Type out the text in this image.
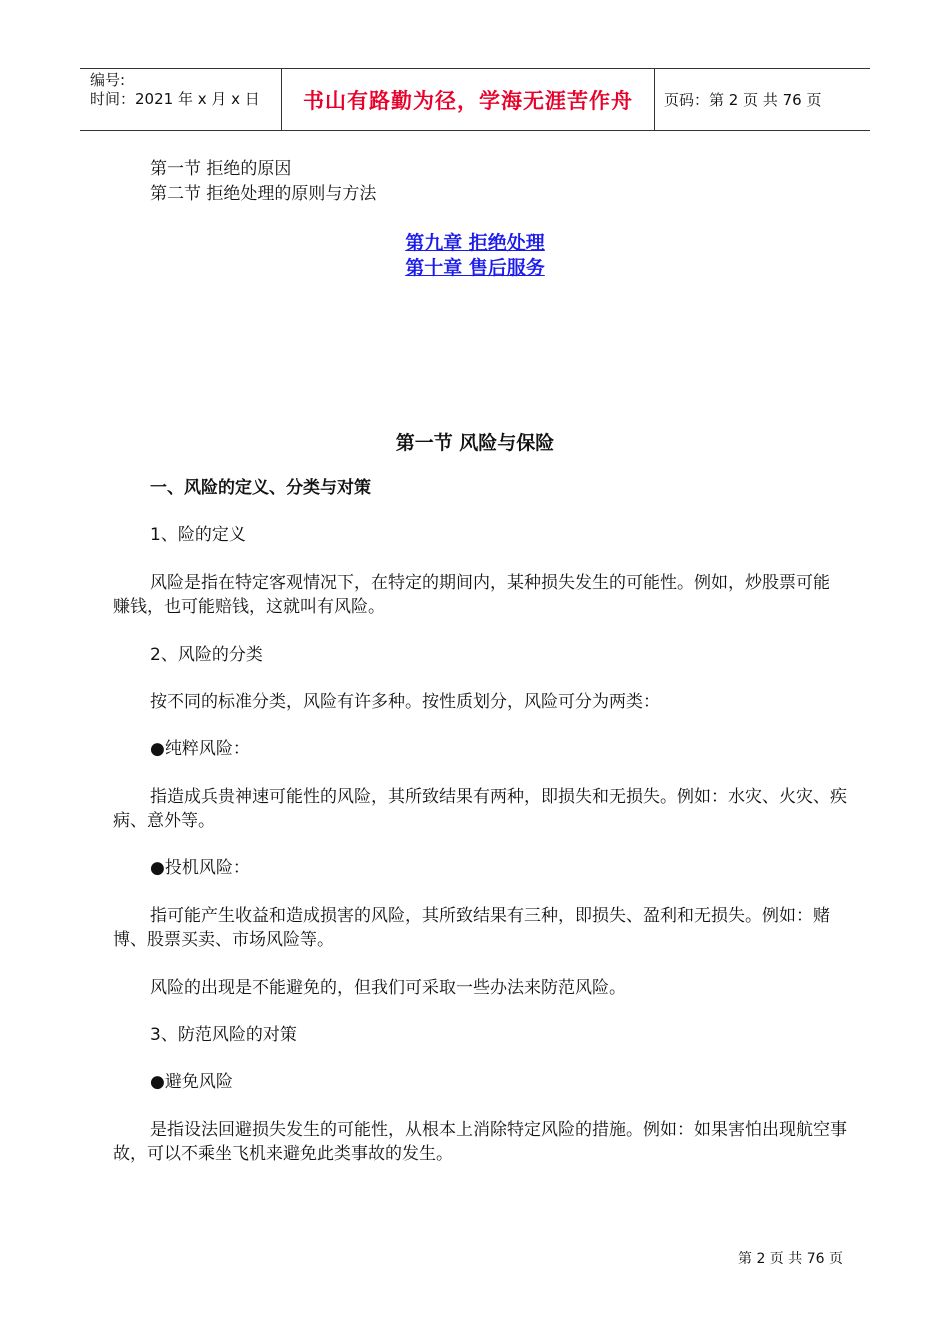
编号:
时间：2021 年 x 月 x 日	书山有路勤为径，学海无涯苦作舟	页码：第 2 页 共 76 页
第一节 拒绝的原因
第二节 拒绝处理的原则与方法
第九章 拒绝处理
第十章 售后服务
第一节 风险与保险
一、风险的定义、分类与对策
1、险的定义
风险是指在特定客观情况下，在特定的期间内，某种损失发生的可能性。例如，炒股票可能赚钱，也可能赔钱，这就叫有风险。
2、风险的分类
按不同的标准分类，风险有许多种。按性质划分，风险可分为两类：
●纯粹风险：
指造成兵贵神速可能性的风险，其所致结果有两种，即损失和无损失。例如：水灾、火灾、疾病、意外等。
●投机风险：
指可能产生收益和造成损害的风险，其所致结果有三种，即损失、盈利和无损失。例如：赌博、股票买卖、市场风险等。
风险的出现是不能避免的，但我们可采取一些办法来防范风险。
3、防范风险的对策
●避免风险
是指设法回避损失发生的可能性，从根本上消除特定风险的措施。例如：如果害怕出现航空事故，可以不乘坐飞机来避免此类事故的发生。
第 2 页 共 76 页
